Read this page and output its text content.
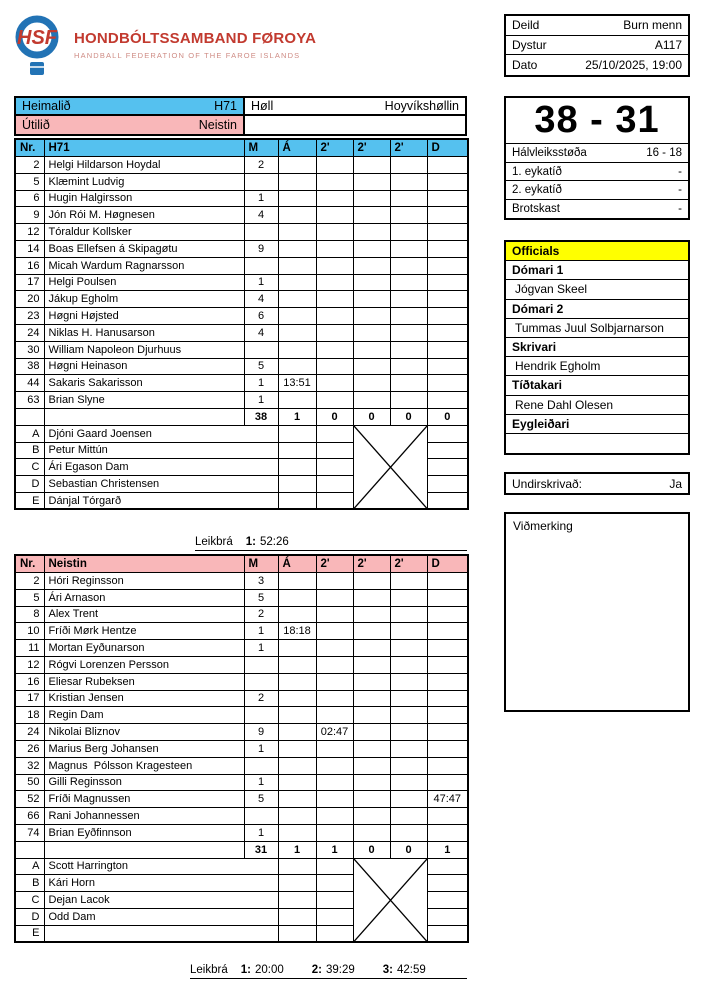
HSF HONDBÓLTSSAMBAND FØROYA
HANDBALL FEDERATION OF THE FAROE ISLANDS
Deild	Burn menn
Dystur	A117
Dato	25/10/2025, 19:00
Heimalið	H71 Høll	Hoyvíkshøllin
Útilið	Neistin	38 - 31
Hálvleiksstøða	16 - 18
1. eykatíð	-
2. eykatíð	-
Brotskast	-
Officials
Dómari 1
Jógvan Skeel
Dómari 2
Tummas Juul Solbjarnarson
Skrivari
Hendrik Egholm
Tíðtakari
Rene Dahl Olesen
Eygleiðari
Undirskrivað:	Ja
Viðmerking
Nr.	H71	M	Á	2'	2'	2'	D
2	Helgi Hildarson Hoydal	2					
5	Klæmint Ludvig						
6	Hugin Halgirsson	1					
9	Jón Rói M. Høgnesen	4					
12	Tóraldur Kollsker						
14	Boas Ellefsen á Skipagøtu	9					
16	Micah Wardum Ragnarsson						
17	Helgi Poulsen	1					
20	Jákup Egholm	4					
23	Høgni Højsted	6					
24	Niklas H. Hanusarson	4					
30	William Napoleon Djurhuus						
38	Høgni Heinason	5					
44	Sakaris Sakarisson	1	13:51				
63	Brian Slyne	1					
		38	1	0	0	0	0
A	Djóni Gaard Joensen			

B	Petur Mittún						
C	Ári Egason Dam						
D	Sebastian Christensen						
E	Dánjal Tórgarð						
Leikbrá 1: 52:26
Nr.	Neistin	M	Á	2'	2'	2'	D
2	Hóri Reginsson	3					
5	Ári Arnason	5					
8	Alex Trent	2					
10	Fríði Mørk Hentze	1	18:18				
11	Mortan Eyðunarson	1					
12	Rógvi Lorenzen Persson						
16	Eliesar Rubeksen						
17	Kristian Jensen	2					
18	Regin Dam						
24	Nikolai Bliznov	9		02:47			
26	Marius Berg Johansen	1					
32	Magnus  Pólsson Kragesteen						
50	Gilli Reginsson	1					
52	Fríði Magnussen	5					47:47
66	Rani Johannessen						
74	Brian Eyðfinnson	1					
		31	1	1	0	0	1
A	Scott Harrington			

B	Kári Horn						
C	Dejan Lacok						
D	Odd Dam						
E							
Leikbrá 1: 20:00 2: 39:29 3: 42:59
